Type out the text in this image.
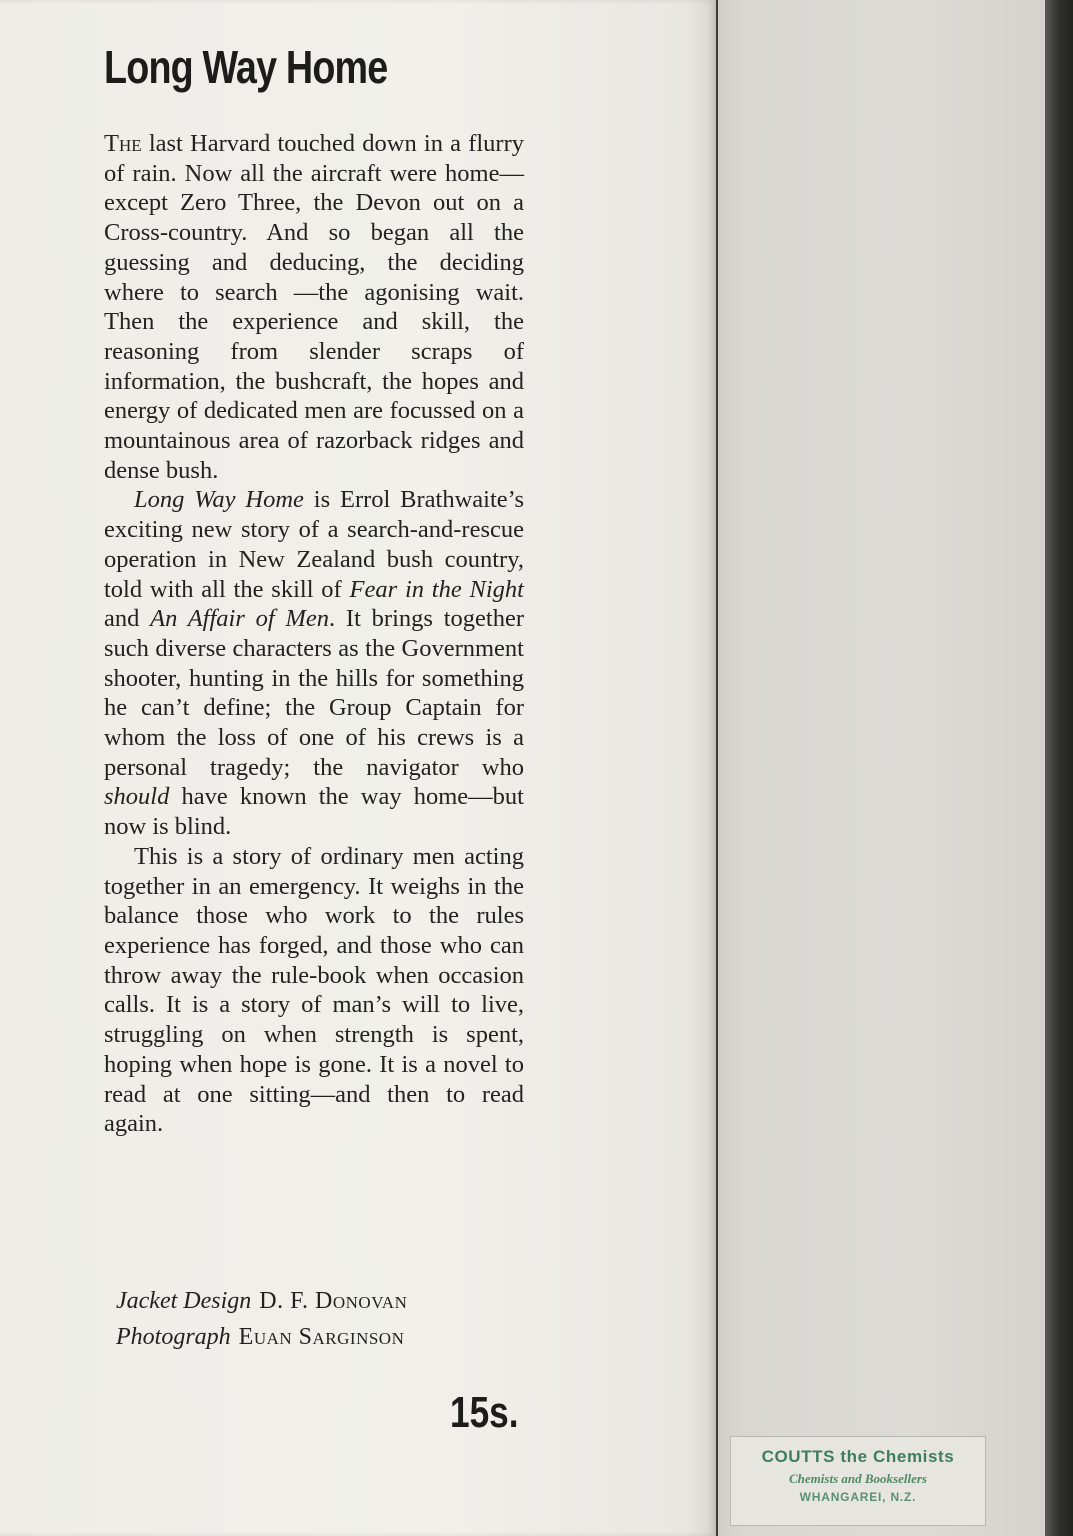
Long Way Home

The last Harvard touched down in a flurry of rain. Now all the aircraft were home—except Zero Three, the Devon out on a Cross-country. And so began all the guessing and deducing, the deciding where to search —the agonising wait. Then the experience and skill, the reasoning from slender scraps of information, the bushcraft, the hopes and energy of dedicated men are focussed on a mountainous area of razorback ridges and dense bush.

Long Way Home is Errol Brathwaite’s exciting new story of a search-and-rescue operation in New Zealand bush country, told with all the skill of Fear in the Night and An Affair of Men. It brings together such diverse characters as the Government shooter, hunting in the hills for something he can’t define; the Group Captain for whom the loss of one of his crews is a personal tragedy; the navigator who should have known the way home—but now is blind.

This is a story of ordinary men acting together in an emergency. It weighs in the balance those who work to the rules experience has forged, and those who can throw away the rule-book when occasion calls. It is a story of man’s will to live, struggling on when strength is spent, hoping when hope is gone. It is a novel to read at one sitting—and then to read again.

Jacket Design D. F. Donovan
Photograph Euan Sarginson
15s.
COUTTS the Chemists
Chemists and Booksellers
WHANGAREI, N.Z.
